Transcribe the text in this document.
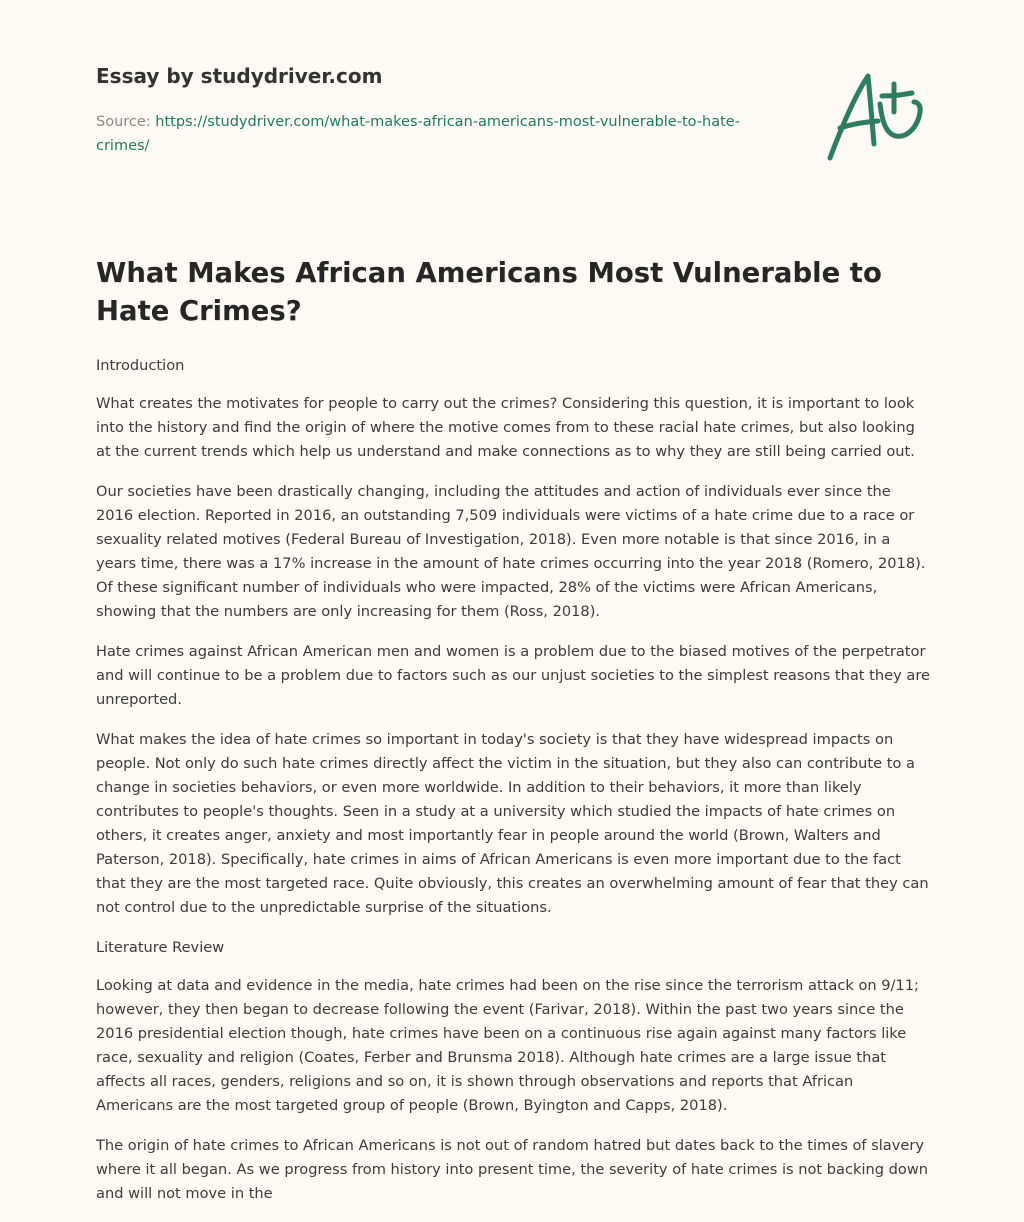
Essay by studydriver.com
Source: https://studydriver.com/what-makes-african-americans-most-vulnerable-to-hate-crimes/
What Makes African Americans Most Vulnerable to Hate Crimes?

Introduction

What creates the motivates for people to carry out the crimes? Considering this question, it is important to look into the history and find the origin of where the motive comes from to these racial hate crimes, but also looking at the current trends which help us understand and make connections as to why they are still being carried out.

Our societies have been drastically changing, including the attitudes and action of individuals ever since the 2016 election. Reported in 2016, an outstanding 7,509 individuals were victims of a hate crime due to a race or sexuality related motives (Federal Bureau of Investigation, 2018). Even more notable is that since 2016, in a years time, there was a 17% increase in the amount of hate crimes occurring into the year 2018 (Romero, 2018). Of these significant number of individuals who were impacted, 28% of the victims were African Americans, showing that the numbers are only increasing for them (Ross, 2018).

Hate crimes against African American men and women is a problem due to the biased motives of the perpetrator and will continue to be a problem due to factors such as our unjust societies to the simplest reasons that they are unreported.

What makes the idea of hate crimes so important in today's society is that they have widespread impacts on people. Not only do such hate crimes directly affect the victim in the situation, but they also can contribute to a change in societies behaviors, or even more worldwide. In addition to their behaviors, it more than likely contributes to people's thoughts. Seen in a study at a university which studied the impacts of hate crimes on others, it creates anger, anxiety and most importantly fear in people around the world (Brown, Walters and Paterson, 2018). Specifically, hate crimes in aims of African Americans is even more important due to the fact that they are the most targeted race. Quite obviously, this creates an overwhelming amount of fear that they can not control due to the unpredictable surprise of the situations.

Literature Review

Looking at data and evidence in the media, hate crimes had been on the rise since the terrorism attack on 9/11; however, they then began to decrease following the event (Farivar, 2018). Within the past two years since the 2016 presidential election though, hate crimes have been on a continuous rise again against many factors like race, sexuality and religion (Coates, Ferber and Brunsma 2018). Although hate crimes are a large issue that affects all races, genders, religions and so on, it is shown through observations and reports that African Americans are the most targeted group of people (Brown, Byington and Capps, 2018).

The origin of hate crimes to African Americans is not out of random hatred but dates back to the times of slavery where it all began. As we progress from history into present time, the severity of hate crimes is not backing down and will not move in the
